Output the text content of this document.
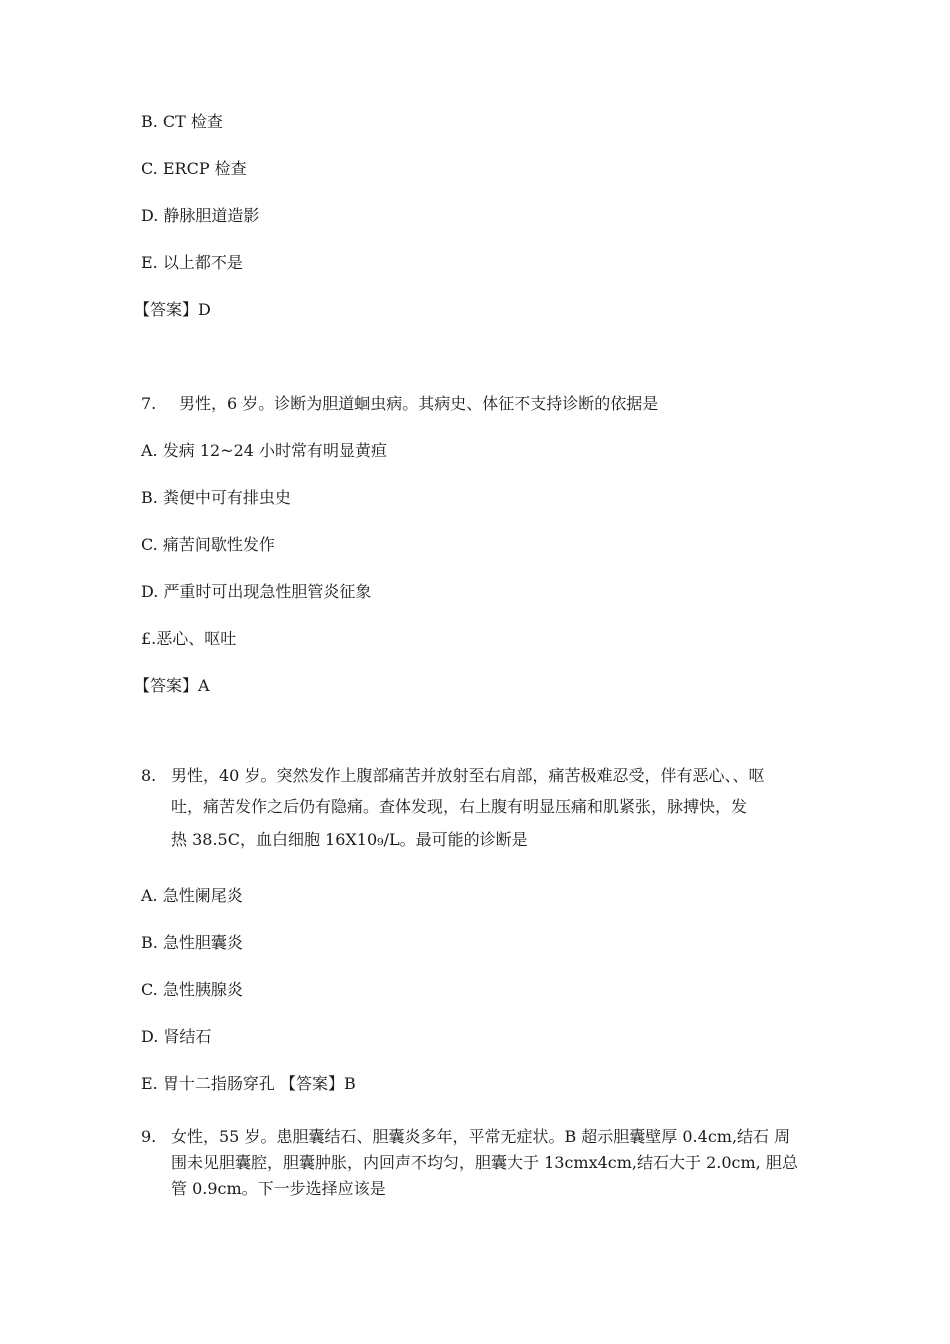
B. CT 检查
C. ERCP 检查
D. 静脉胆道造影
E. 以上都不是
【答案】D
7. 男性，6 岁。诊断为胆道蛔虫病。其病史、体征不支持诊断的依据是
A. 发病 12~24 小时常有明显黄疸
B. 粪便中可有排虫史
C. 痛苦间歇性发作
D. 严重时可出现急性胆管炎征象
£.恶心、呕吐
【答案】A
8. 男性，40 岁。突然发作上腹部痛苦并放射至右肩部，痛苦极难忍受，伴有恶心、、呕
吐，痛苦发作之后仍有隐痛。查体发现，右上腹有明显压痛和肌紧张，脉搏快，发
热 38.5C，血白细胞 16X10₉/L。最可能的诊断是
A. 急性阑尾炎
B. 急性胆囊炎
C. 急性胰腺炎
D. 肾结石
E. 胃十二指肠穿孔 【答案】B
9. 女性，55 岁。患胆囊结石、胆囊炎多年，平常无症状。B 超示胆囊壁厚 0.4cm,结石 周
围未见胆囊腔，胆囊肿胀，内回声不均匀，胆囊大于 13cmx4cm,结石大于 2.0cm, 胆总
管 0.9cm。下一步选择应该是
